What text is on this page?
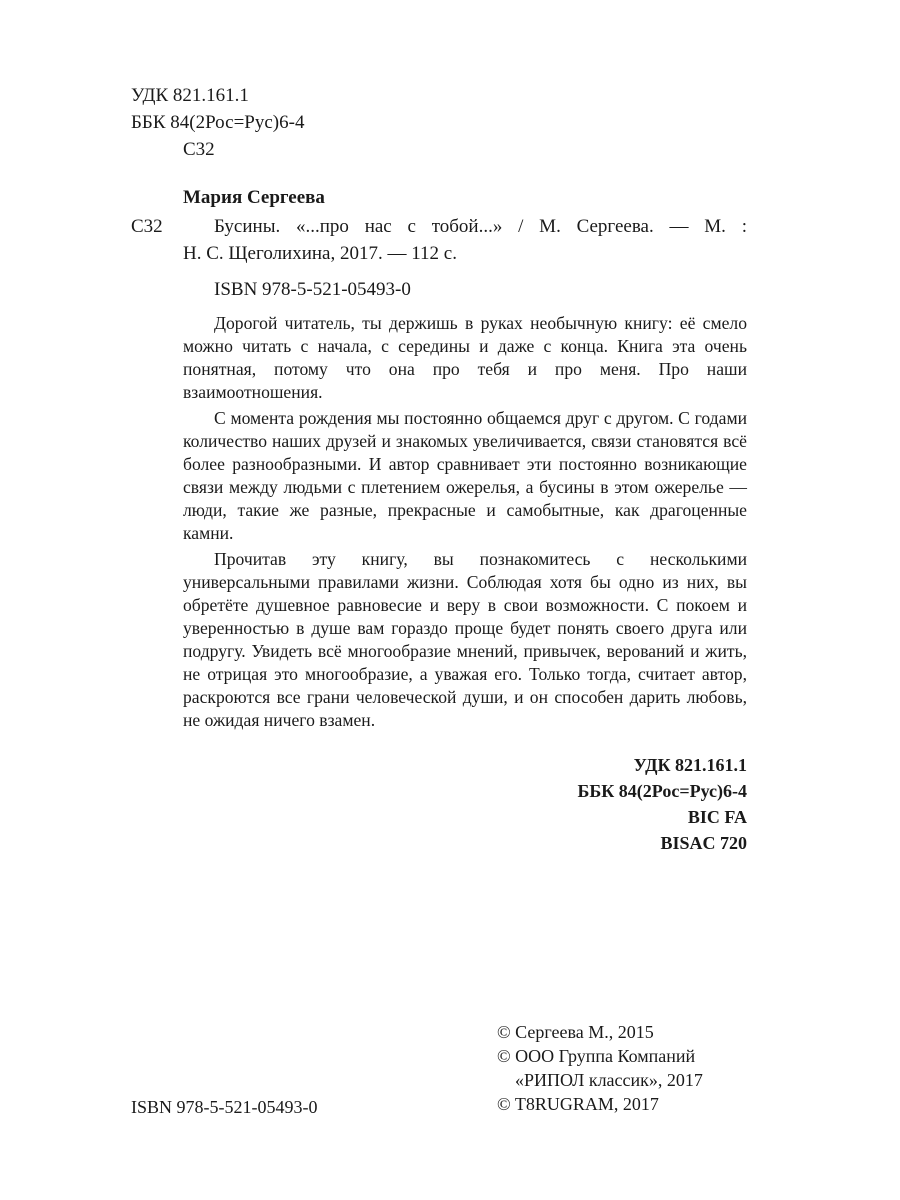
УДК 821.161.1
ББК 84(2Рос=Рус)6-4
С32
Мария Сергеева
С32	Бусины. «...про нас с тобой...» / М. Сергеева. — М. :
Н. С. Щеголихина, 2017. — 112 с.
ISBN 978-5-521-05493-0

Дорогой читатель, ты держишь в руках необычную книгу: её смело можно читать с начала, с середины и даже с конца. Книга эта очень понятная, потому что она про тебя и про меня. Про наши взаимоотношения.

С момента рождения мы постоянно общаемся друг с другом. С годами количество наших друзей и знакомых увеличивается, связи становятся всё более разнообразными. И автор сравнивает эти постоянно возникающие связи между людьми с плетением ожерелья, а бусины в этом ожерелье — люди, такие же разные, прекрасные и самобытные, как драгоценные камни.

Прочитав эту книгу, вы познакомитесь с несколькими универсальными правилами жизни. Соблюдая хотя бы одно из них, вы обретёте душевное равновесие и веру в свои возможности. С покоем и уверенностью в душе вам гораздо проще будет понять своего друга или подругу. Увидеть всё многообразие мнений, привычек, верований и жить, не отрицая это многообразие, а уважая его. Только тогда, считает автор, раскроются все грани человеческой души, и он способен дарить любовь, не ожидая ничего взамен.

УДК 821.161.1
ББК 84(2Рос=Рус)6-4
BIC FA
BISAC 720
© Сергеева М., 2015
© ООО Группа Компаний
«РИПОЛ классик», 2017
© T8RUGRAM, 2017
ISBN 978-5-521-05493-0
